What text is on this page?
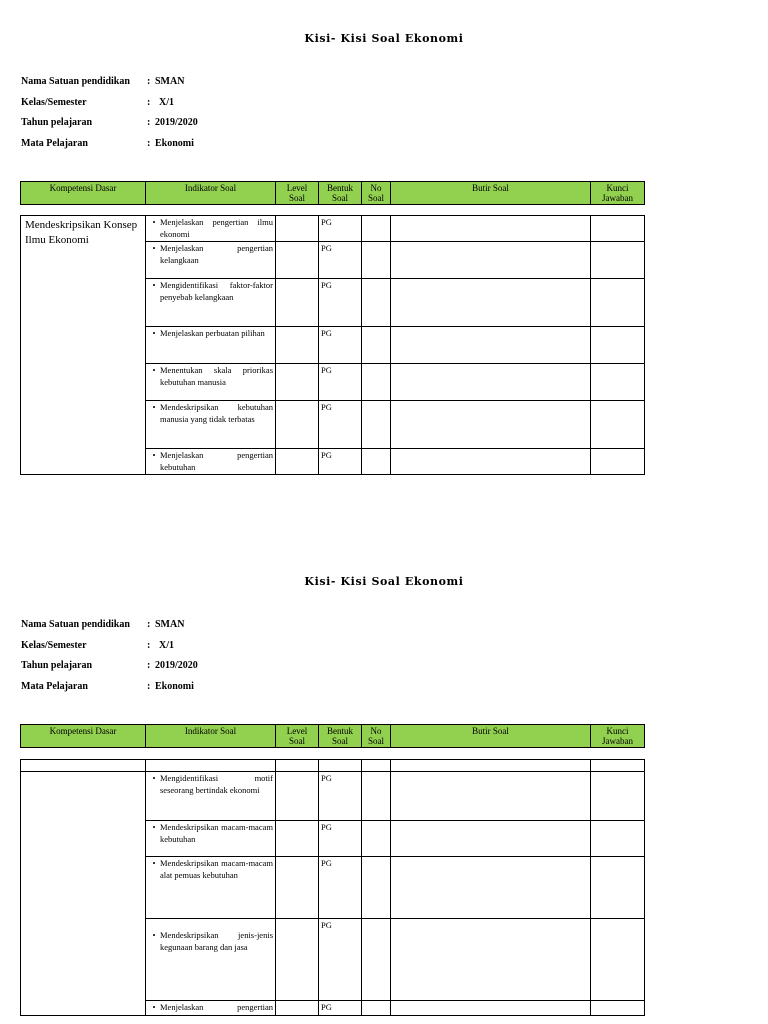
Kisi- Kisi Soal Ekonomi
Nama Satuan pendidikan	: SMAN
Kelas/Semester	: X/1
Tahun pelajaran	: 2019/2020
Mata Pelajaran	: Ekonomi
Kompetensi Dasar	Indikator Soal	Level Soal	Bentuk Soal	No Soal	Butir Soal	Kunci Jawaban
Mendeskripsikan Konsep Ilmu Ekonomi	• Menjelaskan pengertian ilmu ekonomi		PG			

	• Menjelaskan pengertian kelangkaan		PG			

	• Mengidentifikasi faktor-faktor penyebab kelangkaan		PG			

	• Menjelaskan perbuatan pilihan		PG			

	• Menentukan skala priorikas kebutuhan manusia		PG			

	• Mendeskripsikan kebutuhan manusia yang tidak terbatas		PG			

	• Menjelaskan pengertian kebutuhan		PG			
Kisi- Kisi Soal Ekonomi
Nama Satuan pendidikan	: SMAN
Kelas/Semester	: X/1
Tahun pelajaran	: 2019/2020
Mata Pelajaran	: Ekonomi
Kompetensi Dasar	Indikator Soal	Level Soal	Bentuk Soal	No Soal	Butir Soal	Kunci Jawaban

	• Mengidentifikasi motif seseorang bertindak ekonomi		PG			

	• Mendeskripsikan macam-macam kebutuhan		PG			

	• Mendeskripsikan macam-macam alat pemuas kebutuhan		PG			

	• Mendeskripsikan jenis-jenis kegunaan barang dan jasa		PG			

	• Menjelaskan pengertian		PG			
